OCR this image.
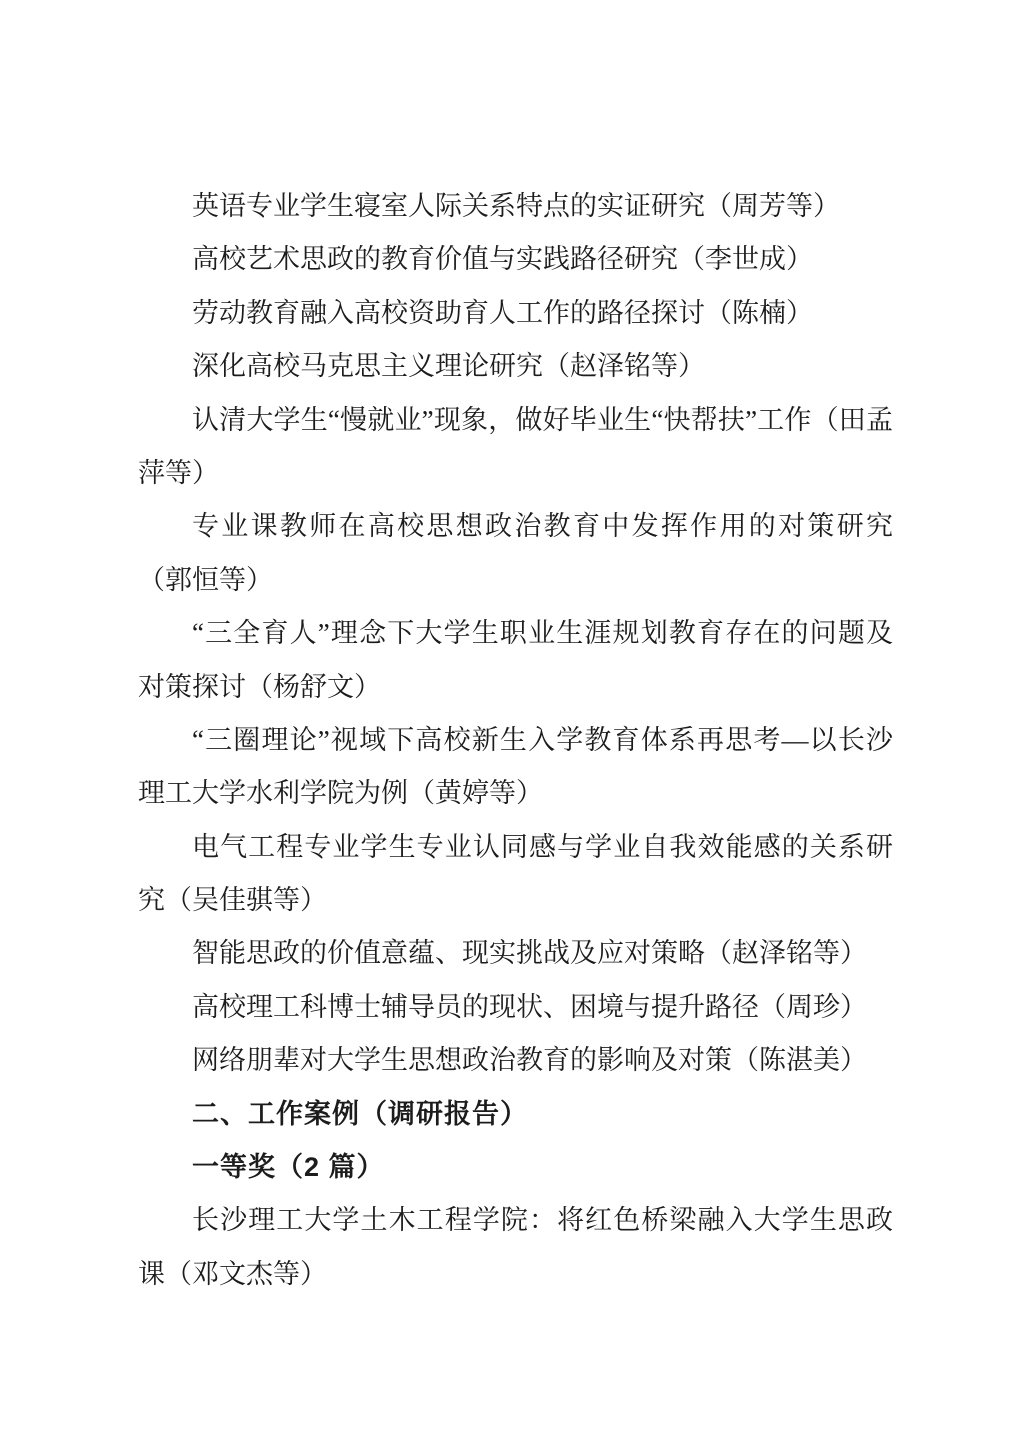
英语专业学生寝室人际关系特点的实证研究（周芳等）
高校艺术思政的教育价值与实践路径研究（李世成）
劳动教育融入高校资助育人工作的路径探讨（陈楠）
深化高校马克思主义理论研究（赵泽铭等）
认清大学生“慢就业”现象，做好毕业生“快帮扶”工作（田孟
萍等）
专业课教师在高校思想政治教育中发挥作用的对策研究
（郭恒等）
“三全育人”理念下大学生职业生涯规划教育存在的问题及
对策探讨（杨舒文）
“三圈理论”视域下高校新生入学教育体系再思考—以长沙
理工大学水利学院为例（黄婷等）
电气工程专业学生专业认同感与学业自我效能感的关系研
究（吴佳骐等）
智能思政的价值意蕴、现实挑战及应对策略（赵泽铭等）
高校理工科博士辅导员的现状、困境与提升路径（周珍）
网络朋辈对大学生思想政治教育的影响及对策（陈湛美）
二、工作案例（调研报告）
一等奖（2 篇）
长沙理工大学土木工程学院：将红色桥梁融入大学生思政
课（邓文杰等）
